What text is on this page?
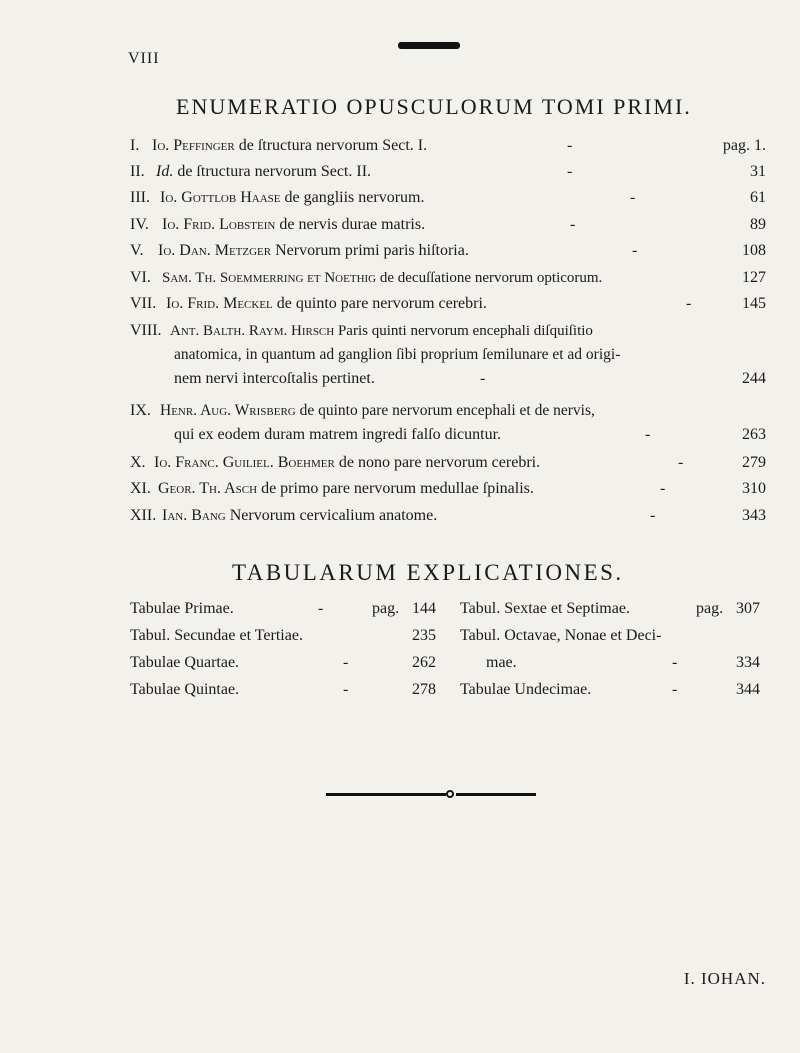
VIII
ENUMERATIO OPUSCULORUM TOMI PRIMI.
I. Io. Peffinger de ſtructura nervorum Sect. I.	-	pag. 1.
II. Id. de ſtructura nervorum Sect. II.	-	31
III. Io. Gottlob Haase de gangliis nervorum.	-	61
IV. Io. Frid. Lobstein de nervis durae matris.	-	89
V. Io. Dan. Metzger Nervorum primi paris hiſtoria.	-	108
VI. Sam. Th. Soemmerring et Noethig de decuſſatione nervorum opticorum.	127
VII. Io. Frid. Meckel de quinto pare nervorum cerebri.	-	145
VIII. Ant. Balth. Raym. Hirsch Paris quinti nervorum encephali diſquiſitio
anatomica, in quantum ad ganglion ſibi proprium ſemilunare et ad origi-
nem nervi intercoſtalis pertinet.	-	244
IX. Henr. Aug. Wrisberg de quinto pare nervorum encephali et de nervis,
qui ex eodem duram matrem ingredi falſo dicuntur.	-	263
X. Io. Franc. Guiliel. Boehmer de nono pare nervorum cerebri.	-	279
XI. Geor. Th. Asch de primo pare nervorum medullae ſpinalis.	-	310
XII. Ian. Bang Nervorum cervicalium anatome.	-	343
TABULARUM EXPLICATIONES.
Tabulae Primae.	-	pag. 144
Tabul. Secundae et Tertiae.	235
Tabulae Quartae.	-	262
Tabulae Quintae.	-	278
Tabul. Sextae et Septimae.	pag. 307
Tabul. Octavae, Nonae et Deci-
mae.	-	334
Tabulae Undecimae.	-	344
I. IOHAN.
